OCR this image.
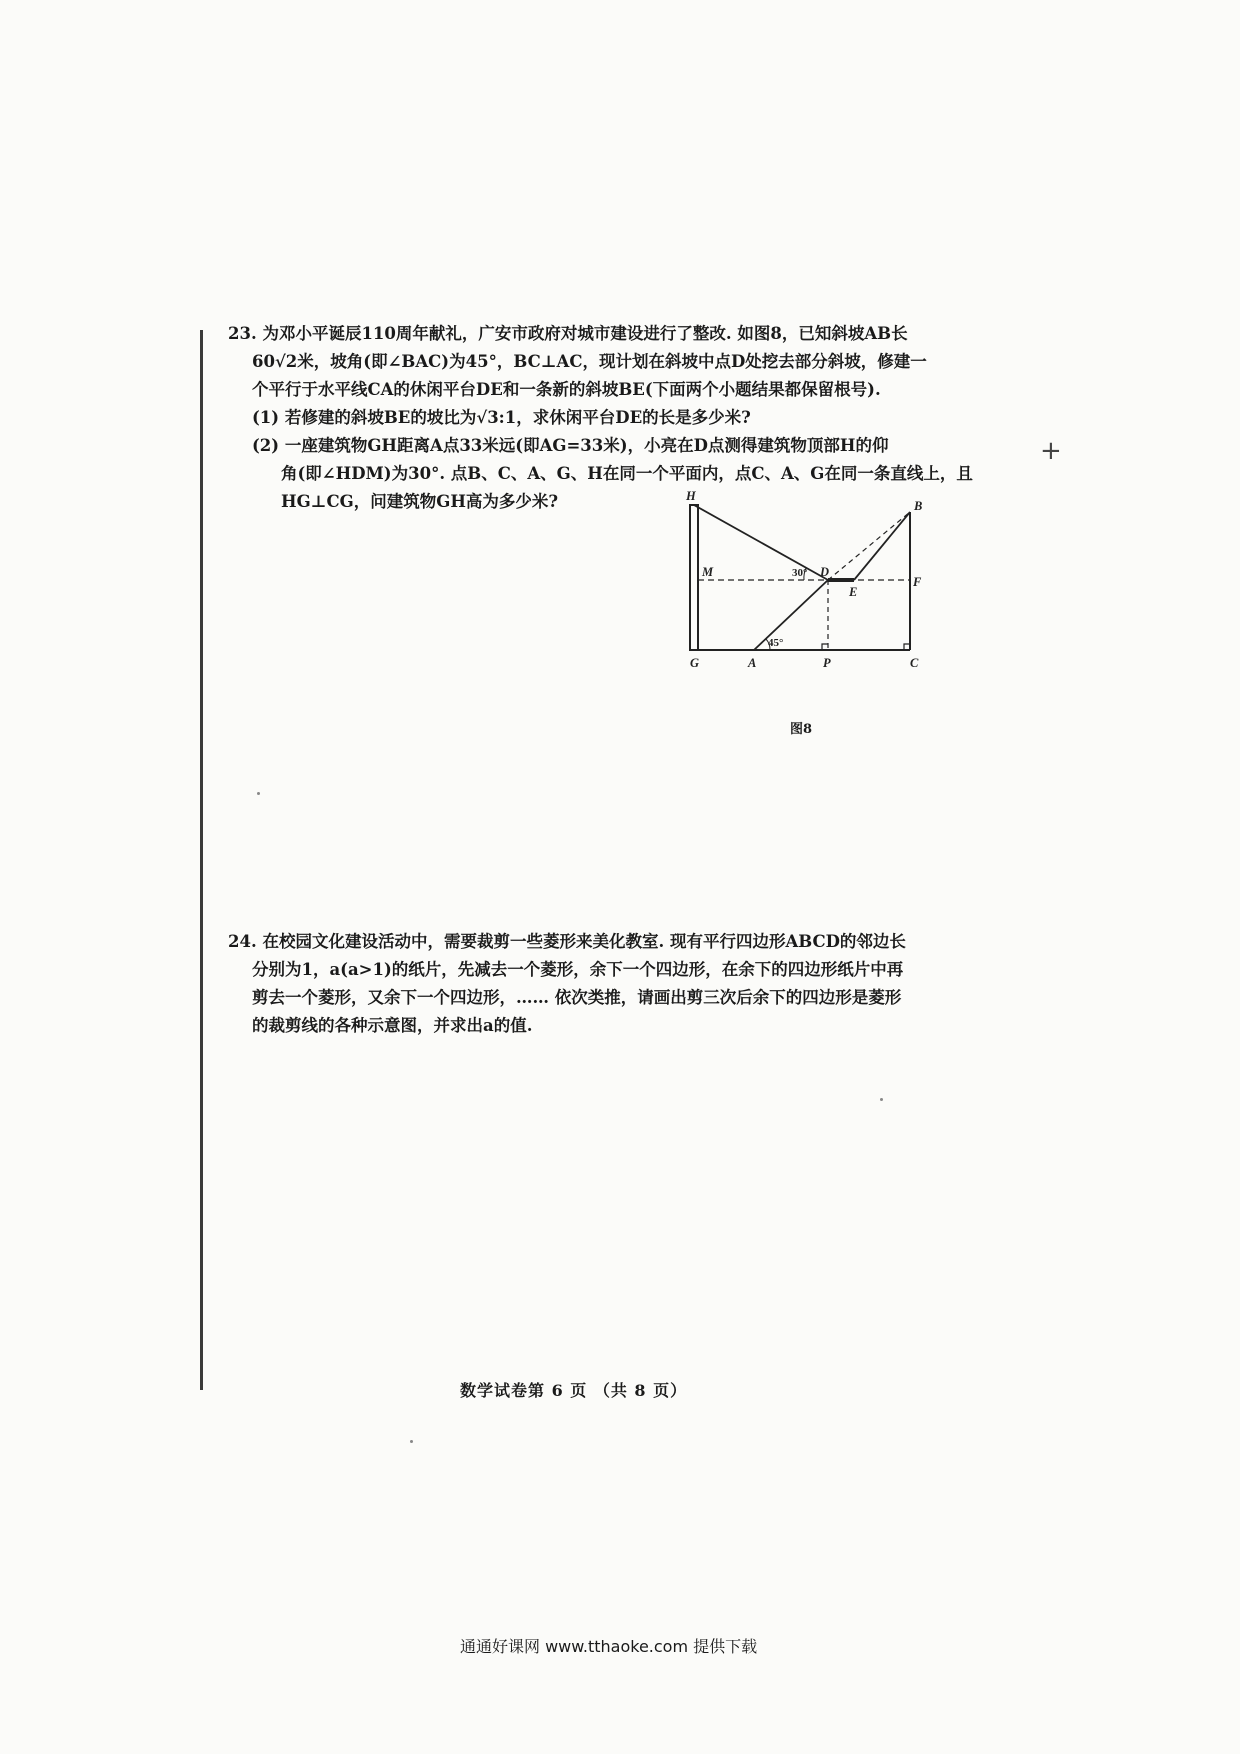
+
23. 为邓小平诞辰110周年献礼，广安市政府对城市建设进行了整改. 如图8，已知斜坡AB长
60√2米，坡角(即∠BAC)为45°，BC⊥AC，现计划在斜坡中点D处挖去部分斜坡，修建一
个平行于水平线CA的休闲平台DE和一条新的斜坡BE(下面两个小题结果都保留根号).
(1) 若修建的斜坡BE的坡比为√3:1，求休闲平台DE的长是多少米?
(2) 一座建筑物GH距离A点33米远(即AG=33米)，小亮在D点测得建筑物顶部H的仰
角(即∠HDM)为30°. 点B、C、A、G、H在同一个平面内，点C、A、G在同一条直线上，且
HG⊥CG，问建筑物GH高为多少米?	H
B
M	D
F
E
G	A	P	C
30°
45°
图8
24. 在校园文化建设活动中，需要裁剪一些菱形来美化教室. 现有平行四边形ABCD的邻边长
分别为1，a(a>1)的纸片，先减去一个菱形，余下一个四边形，在余下的四边形纸片中再
剪去一个菱形，又余下一个四边形，…… 依次类推，请画出剪三次后余下的四边形是菱形
的裁剪线的各种示意图，并求出a的值.
数学试卷第 6 页 （共 8 页）
通通好课网 www.tthaoke.com 提供下载
